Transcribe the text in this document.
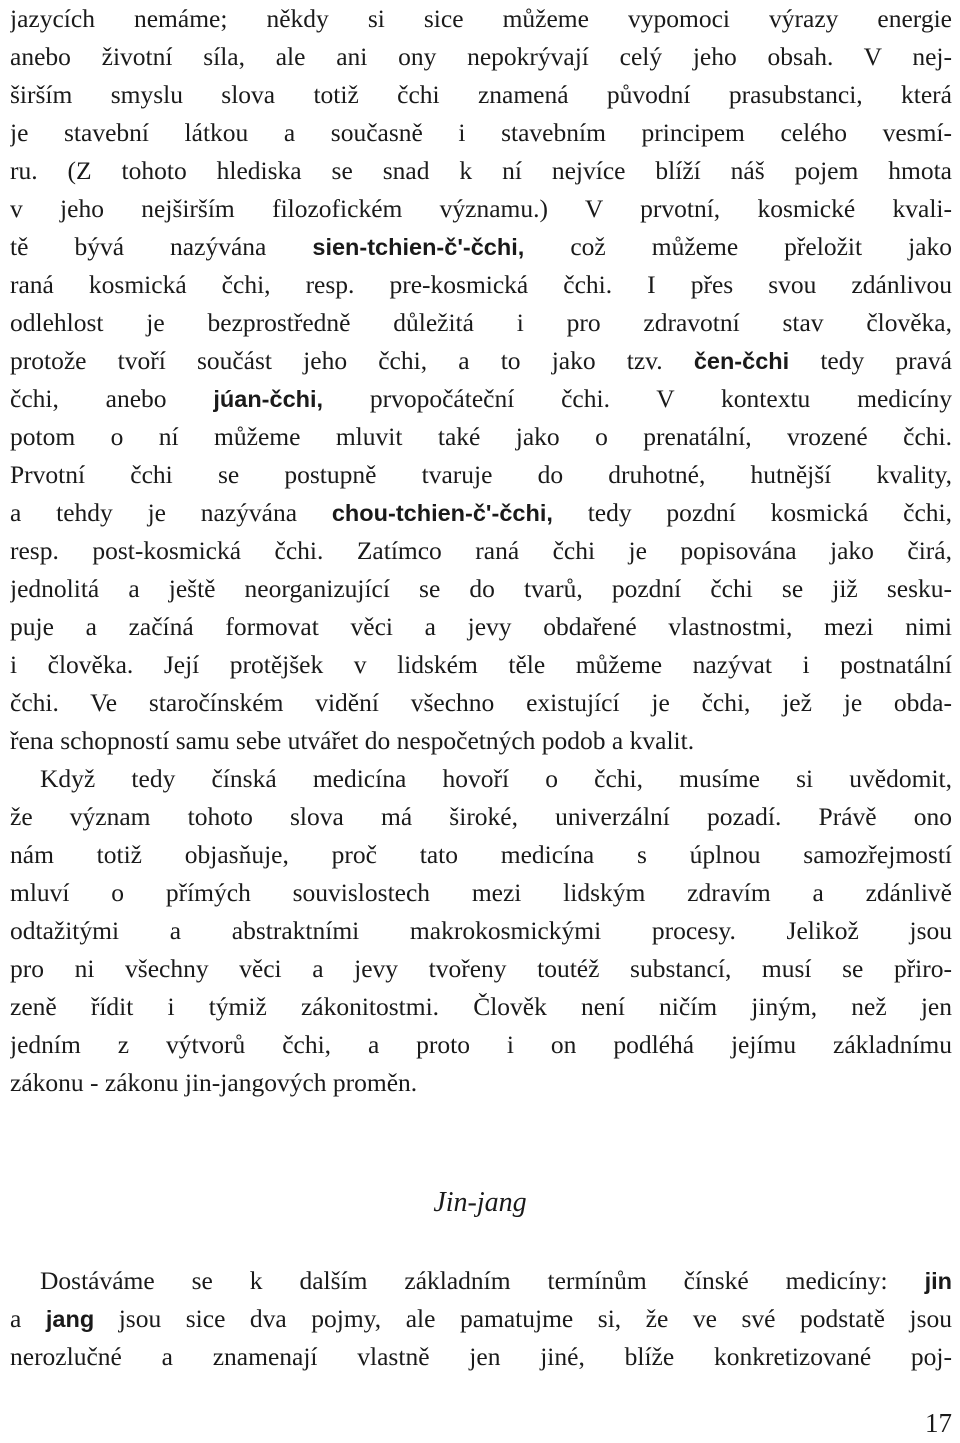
jazycích nemáme; někdy si sice můžeme vypomoci výrazy energie
anebo životní síla, ale ani ony nepokrývají celý jeho obsah. V nej-
širším smyslu slova totiž čchi znamená původní prasubstanci, která
je stavební látkou a současně i stavebním principem celého vesmí-
ru. (Z tohoto hlediska se snad k ní nejvíce blíží náš pojem hmota
v jeho nejširším filozofickém významu.) V prvotní, kosmické kvali-
tě bývá nazývána sien-tchien-č'-čchi, což můžeme přeložit jako
raná kosmická čchi, resp. pre-kosmická čchi. I přes svou zdánlivou
odlehlost je bezprostředně důležitá i pro zdravotní stav člověka,
protože tvoří součást jeho čchi, a to jako tzv. čen-čchi tedy pravá
čchi, anebo júan-čchi, prvopočáteční čchi. V kontextu medicíny
potom o ní můžeme mluvit také jako o prenatální, vrozené čchi.
Prvotní čchi se postupně tvaruje do druhotné, hutnější kvality,
a tehdy je nazývána chou-tchien-č'-čchi, tedy pozdní kosmická čchi,
resp. post-kosmická čchi. Zatímco raná čchi je popisována jako čirá,
jednolitá a ještě neorganizující se do tvarů, pozdní čchi se již sesku-
puje a začíná formovat věci a jevy obdařené vlastnostmi, mezi nimi
i člověka. Její protějšek v lidském těle můžeme nazývat i postnatální
čchi. Ve staročínském vidění všechno existující je čchi, jež je obda-
řena schopností samu sebe utvářet do nespočetných podob a kvalit.
Když tedy čínská medicína hovoří o čchi, musíme si uvědomit,
že význam tohoto slova má široké, univerzální pozadí. Právě ono
nám totiž objasňuje, proč tato medicína s úplnou samozřejmostí
mluví o přímých souvislostech mezi lidským zdravím a zdánlivě
odtažitými a abstraktními makrokosmickými procesy. Jelikož jsou
pro ni všechny věci a jevy tvořeny toutéž substancí, musí se přiro-
zeně řídit i týmiž zákonitostmi. Člověk není ničím jiným, než jen
jedním z výtvorů čchi, a proto i on podléhá jejímu základnímu
zákonu - zákonu jin-jangových proměn.
Jin-jang
Dostáváme se k dalším základním termínům čínské medicíny: jin
a jang jsou sice dva pojmy, ale pamatujme si, že ve své podstatě jsou
nerozlučné a znamenají vlastně jen jiné, blíže konkretizované poj-
17
